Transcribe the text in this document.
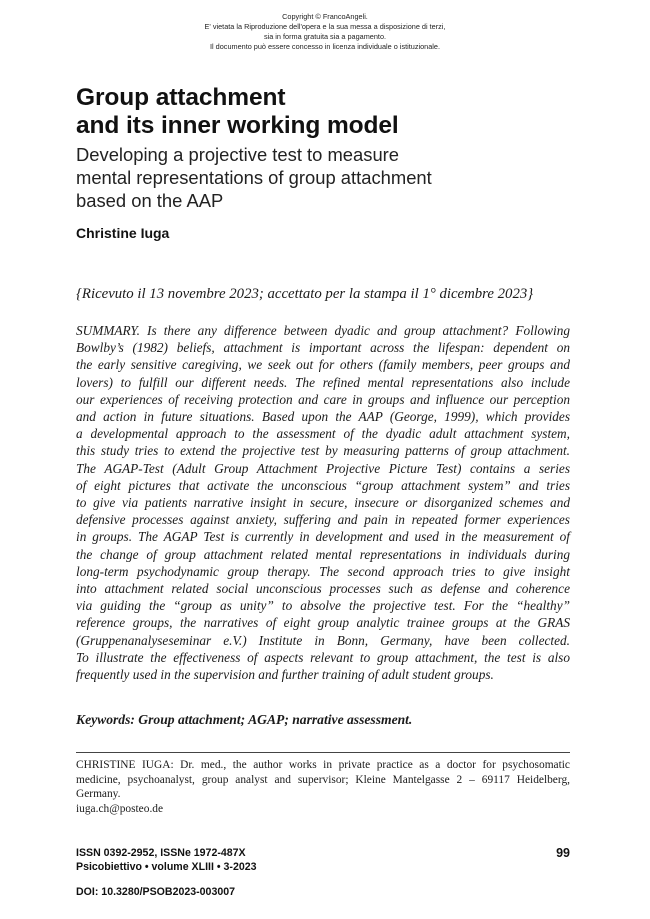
Copyright © FrancoAngeli.
E' vietata la Riproduzione dell'opera e la sua messa a disposizione di terzi,
sia in forma gratuita sia a pagamento.
Il documento può essere concesso in licenza individuale o istituzionale.
Group attachment
and its inner working model
Developing a projective test to measure
mental representations of group attachment
based on the AAP
Christine Iuga
{Ricevuto il 13 novembre 2023; accettato per la stampa il 1° dicembre 2023}
SUMMARY. Is there any difference between dyadic and group attachment? Following
Bowlby’s (1982) beliefs, attachment is important across the lifespan: dependent on
the early sensitive caregiving, we seek out for others (family members, peer groups and
lovers) to fulfill our different needs. The refined mental representations also include
our experiences of receiving protection and care in groups and influence our perception
and action in future situations. Based upon the AAP (George, 1999), which provides
a developmental approach to the assessment of the dyadic adult attachment system,
this study tries to extend the projective test by measuring patterns of group attachment.
The AGAP-Test (Adult Group Attachment Projective Picture Test) contains a series
of eight pictures that activate the unconscious “group attachment system” and tries
to give via patients narrative insight in secure, insecure or disorganized schemes and
defensive processes against anxiety, suffering and pain in repeated former experiences
in groups. The AGAP Test is currently in development and used in the measurement of
the change of group attachment related mental representations in individuals during
long-term psychodynamic group therapy. The second approach tries to give insight
into attachment related social unconscious processes such as defense and coherence
via guiding the “group as unity” to absolve the projective test. For the “healthy”
reference groups, the narratives of eight group analytic trainee groups at the GRAS
(Gruppenanalyseseminar e.V.) Institute in Bonn, Germany, have been collected.
To illustrate the effectiveness of aspects relevant to group attachment, the test is also
frequently used in the supervision and further training of adult student groups.
Keywords: Group attachment; AGAP; narrative assessment.
CHRISTINE IUGA: Dr. med., the author works in private practice as a doctor for psychosomatic
medicine, psychoanalyst, group analyst and supervisor; Kleine Mantelgasse 2 – 69117 Heidelberg,
Germany.
iuga.ch@posteo.de
ISSN 0392-2952, ISSNe 1972-487X
Psicobiettivo • volume XLIII • 3-2023
99
DOI: 10.3280/PSOB2023-003007
